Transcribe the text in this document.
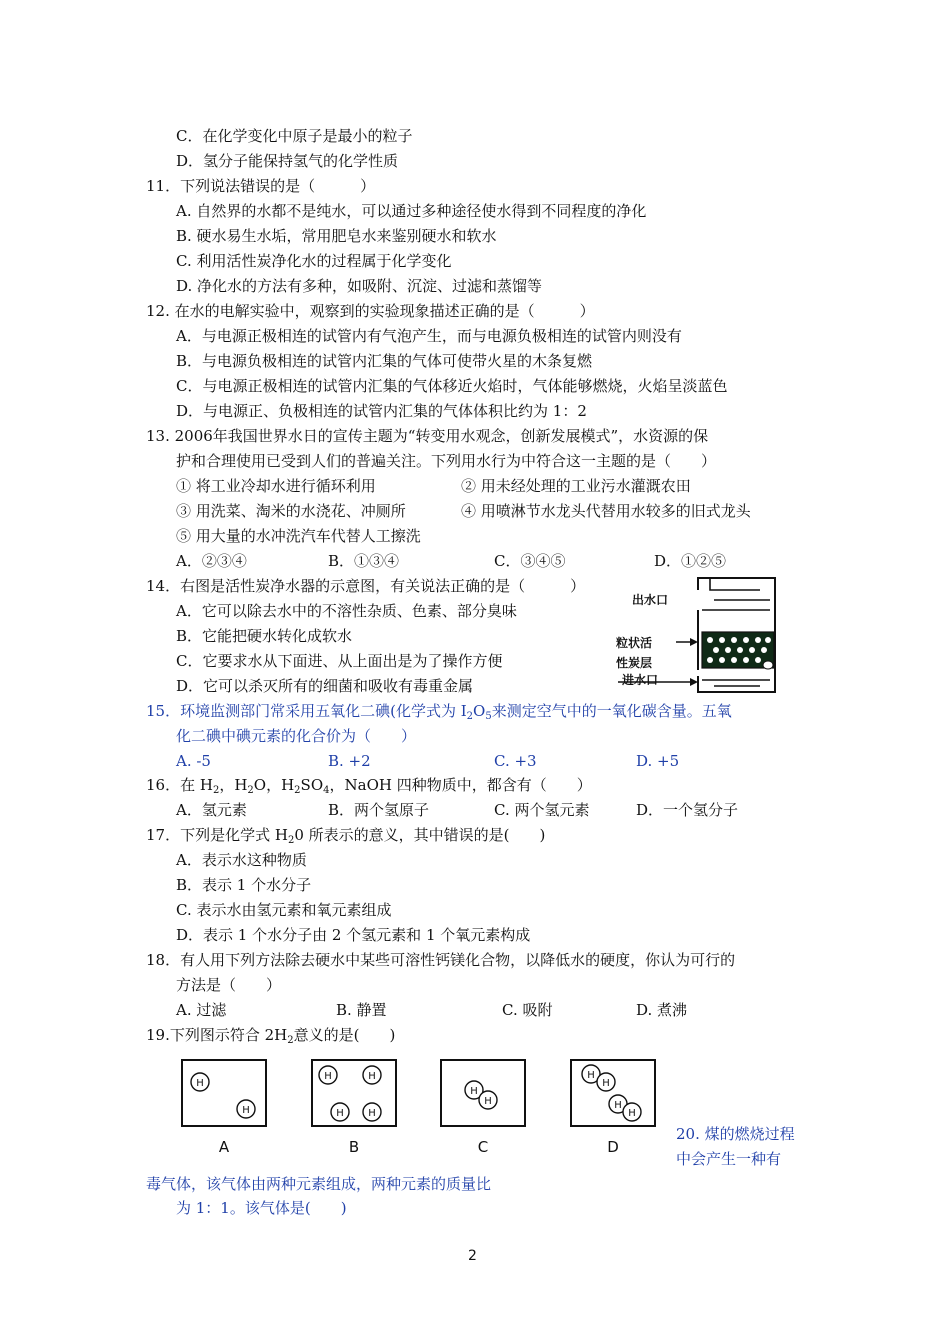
C．在化学变化中原子是最小的粒子
D．氢分子能保持氢气的化学性质
11．下列说法错误的是（　　　）
A. 自然界的水都不是纯水，可以通过多种途径使水得到不同程度的净化
B. 硬水易生水垢，常用肥皂水来鉴别硬水和软水
C. 利用活性炭净化水的过程属于化学变化
D. 净化水的方法有多种，如吸附、沉淀、过滤和蒸馏等
12. 在水的电解实验中，观察到的实验现象描述正确的是（　　　）
A．与电源正极相连的试管内有气泡产生，而与电源负极相连的试管内则没有
B．与电源负极相连的试管内汇集的气体可使带火星的木条复燃
C．与电源正极相连的试管内汇集的气体移近火焰时，气体能够燃烧，火焰呈淡蓝色
D．与电源正、负极相连的试管内汇集的气体体积比约为 1：2
13. 2006年我国世界水日的宣传主题为“转变用水观念，创新发展模式”，水资源的保
护和合理使用已受到人们的普遍关注。下列用水行为中符合这一主题的是（　　）
① 将工业冷却水进行循环利用	② 用未经处理的工业污水灌溉农田
③ 用洗菜、淘米的水浇花、冲厕所	④ 用喷淋节水龙头代替用水较多的旧式龙头
⑤ 用大量的水冲洗汽车代替人工擦洗
A．②③④	B．①③④	C．③④⑤	D．①②⑤
14．右图是活性炭净水器的示意图，有关说法正确的是（　　　）
A．它可以除去水中的不溶性杂质、色素、部分臭味
B．它能把硬水转化成软水
C．它要求水从下面进、从上面出是为了操作方便
D．它可以杀灭所有的细菌和吸收有毒重金属
出水口
粒状活
性炭层
进水口
15．环境监测部门常采用五氧化二碘(化学式为 $I_2O_5$来测定空气中的一氧化碳含量。五氧
化二碘中碘元素的化合价为（　　）
A. -5	B. +2	C. +3	D. +5
16．在 $H_2$，$H_2O$，$H_2SO_4$，NaOH 四种物质中，都含有（　　）
A．氢元素	B．两个氢原子	C. 两个氢元素	D．一个氢分子
17．下列是化学式 $H_20$ 所表示的意义，其中错误的是(　　)
A．表示水这种物质
B．表示 1 个水分子
C. 表示水由氢元素和氧元素组成
D．表示 1 个水分子由 2 个氢元素和 1 个氧元素构成
18．有人用下列方法除去硬水中某些可溶性钙镁化合物，以降低水的硬度，你认为可行的
方法是（　　）
A. 过滤	B. 静置	C. 吸附	D. 煮沸
19.下列图示符合 $2H_2$意义的是(　　)
H
H
H	H
H H
H
H
H
H
H
H
A	B	C	D
20. 煤的燃烧过程
中会产生一种有
毒气体，该气体由两种元素组成，两种元素的质量比
为 1：1。该气体是(　　)
2
